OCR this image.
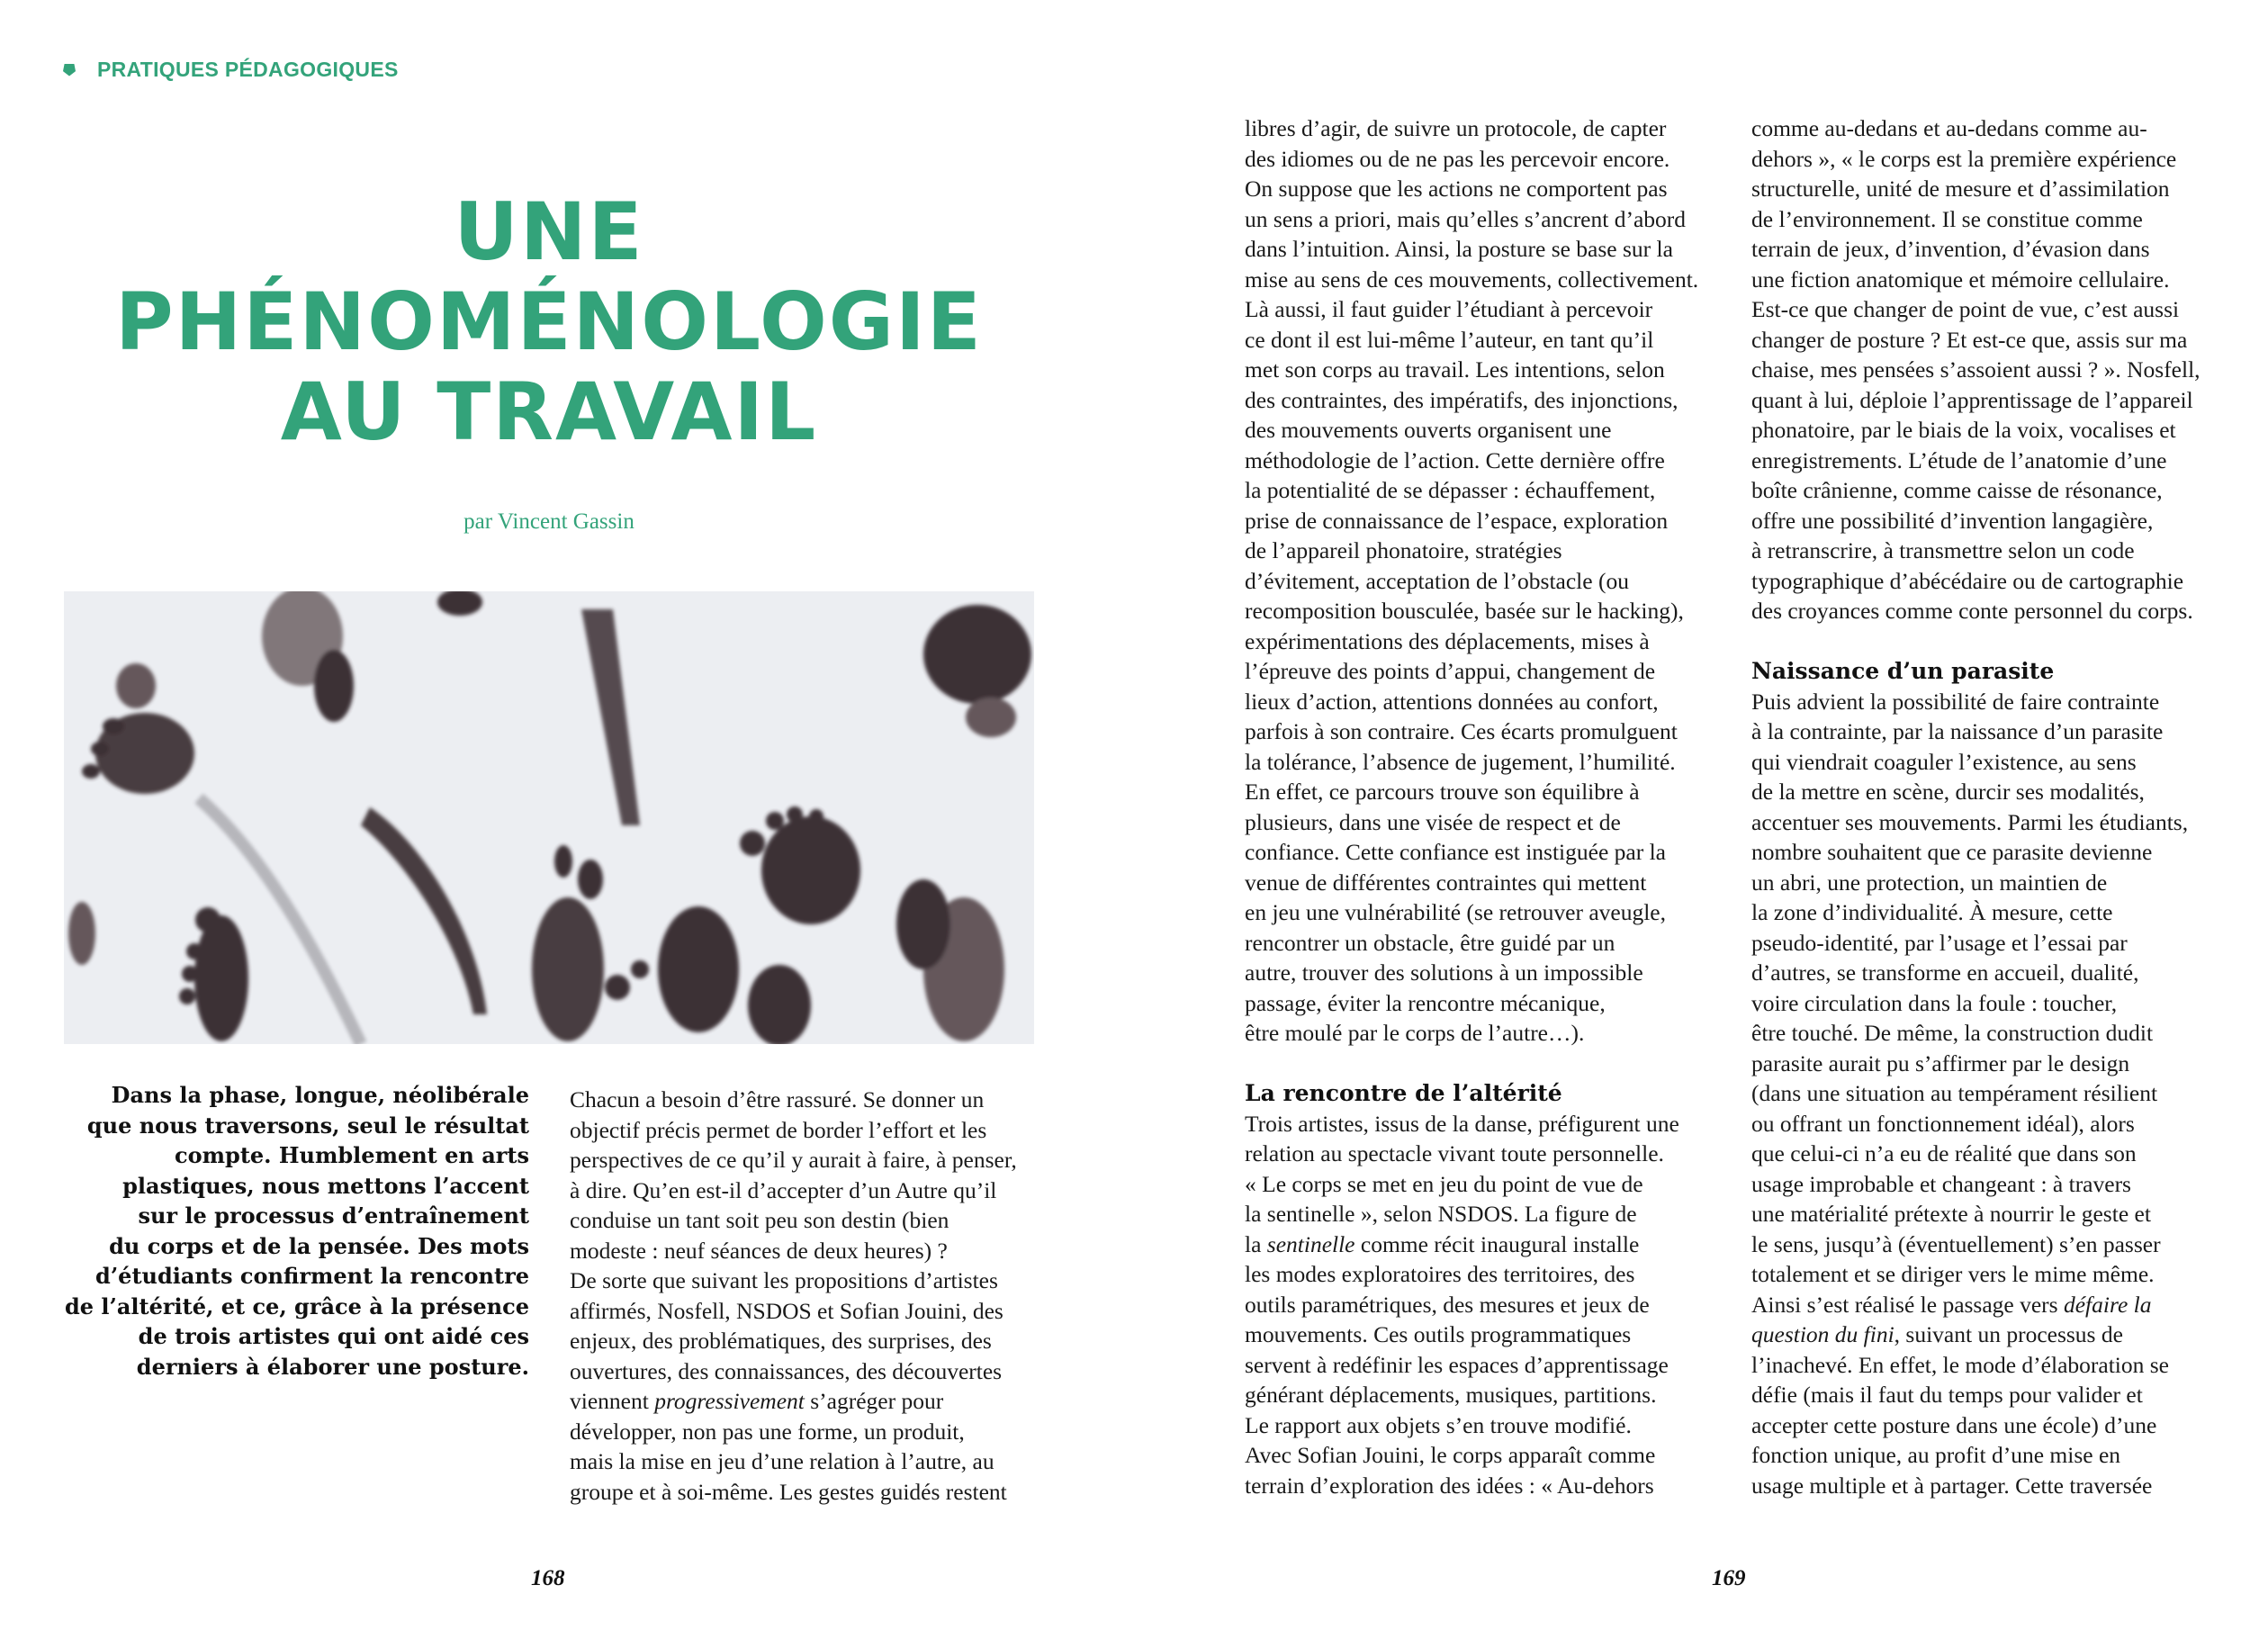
PRATIQUES PÉDAGOGIQUES
UNE
PHÉNOMÉNOLOGIE
AU TRAVAIL
par Vincent Gassin
Dans la phase, longue, néolibérale
que nous traversons, seul le résultat
compte. Humblement en arts
plastiques, nous mettons l’accent
sur le processus d’entraînement
du corps et de la pensée. Des mots
d’étudiants confirment la rencontre
de l’altérité, et ce, grâce à la présence
de trois artistes qui ont aidé ces
derniers à élaborer une posture.
Chacun a besoin d’être rassuré. Se donner un
objectif précis permet de border l’effort et les
perspectives de ce qu’il y aurait à faire, à penser,
à dire. Qu’en est-il d’accepter d’un Autre qu’il
conduise un tant soit peu son destin (bien
modeste : neuf séances de deux heures) ?
De sorte que suivant les propositions d’artistes
affirmés, Nosfell, NSDOS et Sofian Jouini, des
enjeux, des problématiques, des surprises, des
ouvertures, des connaissances, des découvertes
viennent progressivement s’agréger pour
développer, non pas une forme, un produit,
mais la mise en jeu d’une relation à l’autre, au
groupe et à soi-même. Les gestes guidés restent
libres d’agir, de suivre un protocole, de capter
des idiomes ou de ne pas les percevoir encore.
On suppose que les actions ne comportent pas
un sens a priori, mais qu’elles s’ancrent d’abord
dans l’intuition. Ainsi, la posture se base sur la
mise au sens de ces mouvements, collectivement.
Là aussi, il faut guider l’étudiant à percevoir
ce dont il est lui-même l’auteur, en tant qu’il
met son corps au travail. Les intentions, selon
des contraintes, des impératifs, des injonctions,
des mouvements ouverts organisent une
méthodologie de l’action. Cette dernière offre
la potentialité de se dépasser : échauffement,
prise de connaissance de l’espace, exploration
de l’appareil phonatoire, stratégies
d’évitement, acceptation de l’obstacle (ou
recomposition bousculée, basée sur le hacking),
expérimentations des déplacements, mises à
l’épreuve des points d’appui, changement de
lieux d’action, attentions données au confort,
parfois à son contraire. Ces écarts promulguent
la tolérance, l’absence de jugement, l’humilité.
En effet, ce parcours trouve son équilibre à
plusieurs, dans une visée de respect et de
confiance. Cette confiance est instiguée par la
venue de différentes contraintes qui mettent
en jeu une vulnérabilité (se retrouver aveugle,
rencontrer un obstacle, être guidé par un
autre, trouver des solutions à un impossible
passage, éviter la rencontre mécanique,
être moulé par le corps de l’autre…).
La rencontre de l’altérité
Trois artistes, issus de la danse, préfigurent une
relation au spectacle vivant toute personnelle.
« Le corps se met en jeu du point de vue de
la sentinelle », selon NSDOS. La figure de
la sentinelle comme récit inaugural installe
les modes exploratoires des territoires, des
outils paramétriques, des mesures et jeux de
mouvements. Ces outils programmatiques
servent à redéfinir les espaces d’apprentissage
générant déplacements, musiques, partitions.
Le rapport aux objets s’en trouve modifié.
Avec Sofian Jouini, le corps apparaît comme
terrain d’exploration des idées : « Au-dehors
comme au-dedans et au-dedans comme au-
dehors », « le corps est la première expérience
structurelle, unité de mesure et d’assimilation
de l’environnement. Il se constitue comme
terrain de jeux, d’invention, d’évasion dans
une fiction anatomique et mémoire cellulaire.
Est-ce que changer de point de vue, c’est aussi
changer de posture ? Et est-ce que, assis sur ma
chaise, mes pensées s’assoient aussi ? ». Nosfell,
quant à lui, déploie l’apprentissage de l’appareil
phonatoire, par le biais de la voix, vocalises et
enregistrements. L’étude de l’anatomie d’une
boîte crânienne, comme caisse de résonance,
offre une possibilité d’invention langagière,
à retranscrire, à transmettre selon un code
typographique d’abécédaire ou de cartographie
des croyances comme conte personnel du corps.
Naissance d’un parasite
Puis advient la possibilité de faire contrainte
à la contrainte, par la naissance d’un parasite
qui viendrait coaguler l’existence, au sens
de la mettre en scène, durcir ses modalités,
accentuer ses mouvements. Parmi les étudiants,
nombre souhaitent que ce parasite devienne
un abri, une protection, un maintien de
la zone d’individualité. À mesure, cette
pseudo-identité, par l’usage et l’essai par
d’autres, se transforme en accueil, dualité,
voire circulation dans la foule : toucher,
être touché. De même, la construction dudit
parasite aurait pu s’affirmer par le design
(dans une situation au tempérament résilient
ou offrant un fonctionnement idéal), alors
que celui-ci n’a eu de réalité que dans son
usage improbable et changeant : à travers
une matérialité prétexte à nourrir le geste et
le sens, jusqu’à (éventuellement) s’en passer
totalement et se diriger vers le mime même.
Ainsi s’est réalisé le passage vers défaire la
question du fini, suivant un processus de
l’inachevé. En effet, le mode d’élaboration se
défie (mais il faut du temps pour valider et
accepter cette posture dans une école) d’une
fonction unique, au profit d’une mise en
usage multiple et à partager. Cette traversée
168	169
